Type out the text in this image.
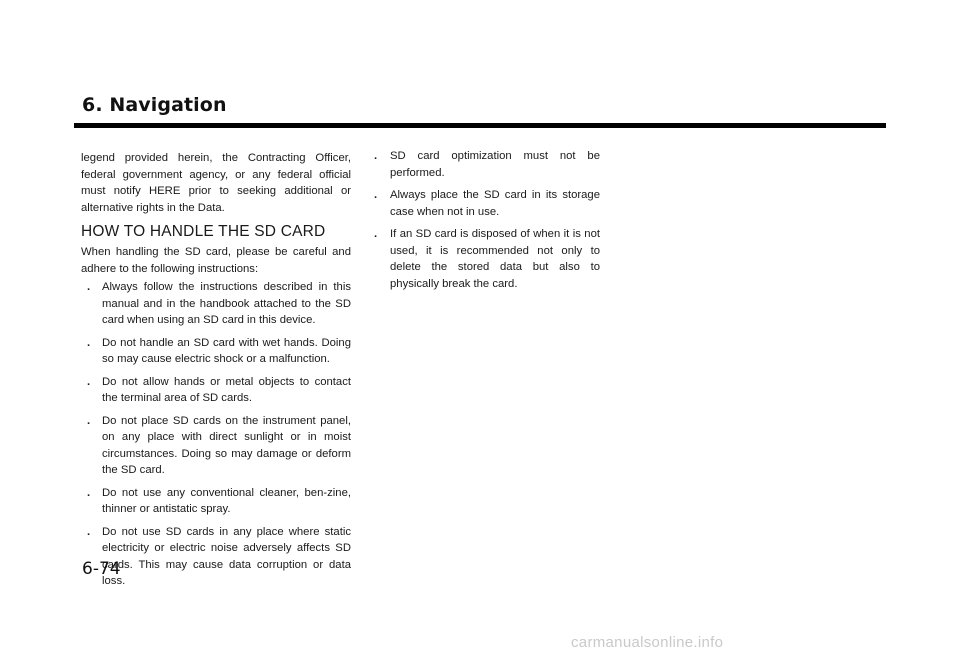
6. Navigation

legend provided herein, the Contracting Officer, federal government agency, or any federal official must notify HERE prior to seeking additional or alternative rights in the Data.

HOW TO HANDLE THE SD CARD

When handling the SD card, please be careful and adhere to the following instructions:

. Always follow the instructions described in this manual and in the handbook attached to the SD card when using an SD card in this device.
. Do not handle an SD card with wet hands. Doing so may cause electric shock or a malfunction.
. Do not allow hands or metal objects to contact the terminal area of SD cards.
. Do not place SD cards on the instrument panel, on any place with direct sunlight or in moist circumstances. Doing so may damage or deform the SD card.
. Do not use any conventional cleaner, ben-zine, thinner or antistatic spray.
. Do not use SD cards in any place where static electricity or electric noise adversely affects SD cards. This may cause data corruption or data loss.
. SD card optimization must not be performed.
. Always place the SD card in its storage case when not in use.
. If an SD card is disposed of when it is not used, it is recommended not only to delete the stored data but also to physically break the card.
6-74
carmanualsonline.info
